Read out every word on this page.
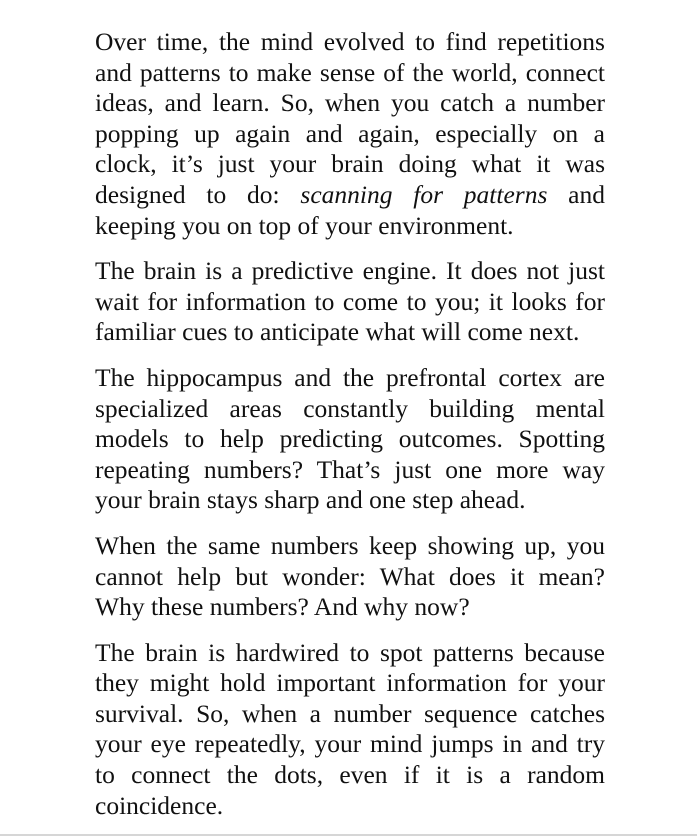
Over time, the mind evolved to find repetitions and patterns to make sense of the world, connect ideas, and learn. So, when you catch a number popping up again and again, especially on a clock, it’s just your brain doing what it was designed to do: scanning for patterns and keeping you on top of your environment.

The brain is a predictive engine. It does not just wait for information to come to you; it looks for familiar cues to anticipate what will come next.

The hippocampus and the prefrontal cortex are specialized areas constantly building mental models to help predicting outcomes. Spotting repeating numbers? That’s just one more way your brain stays sharp and one step ahead.

When the same numbers keep showing up, you cannot help but wonder: What does it mean? Why these numbers? And why now?

The brain is hardwired to spot patterns because they might hold important information for your survival. So, when a number sequence catches your eye repeatedly, your mind jumps in and try to connect the dots, even if it is a random coincidence.
